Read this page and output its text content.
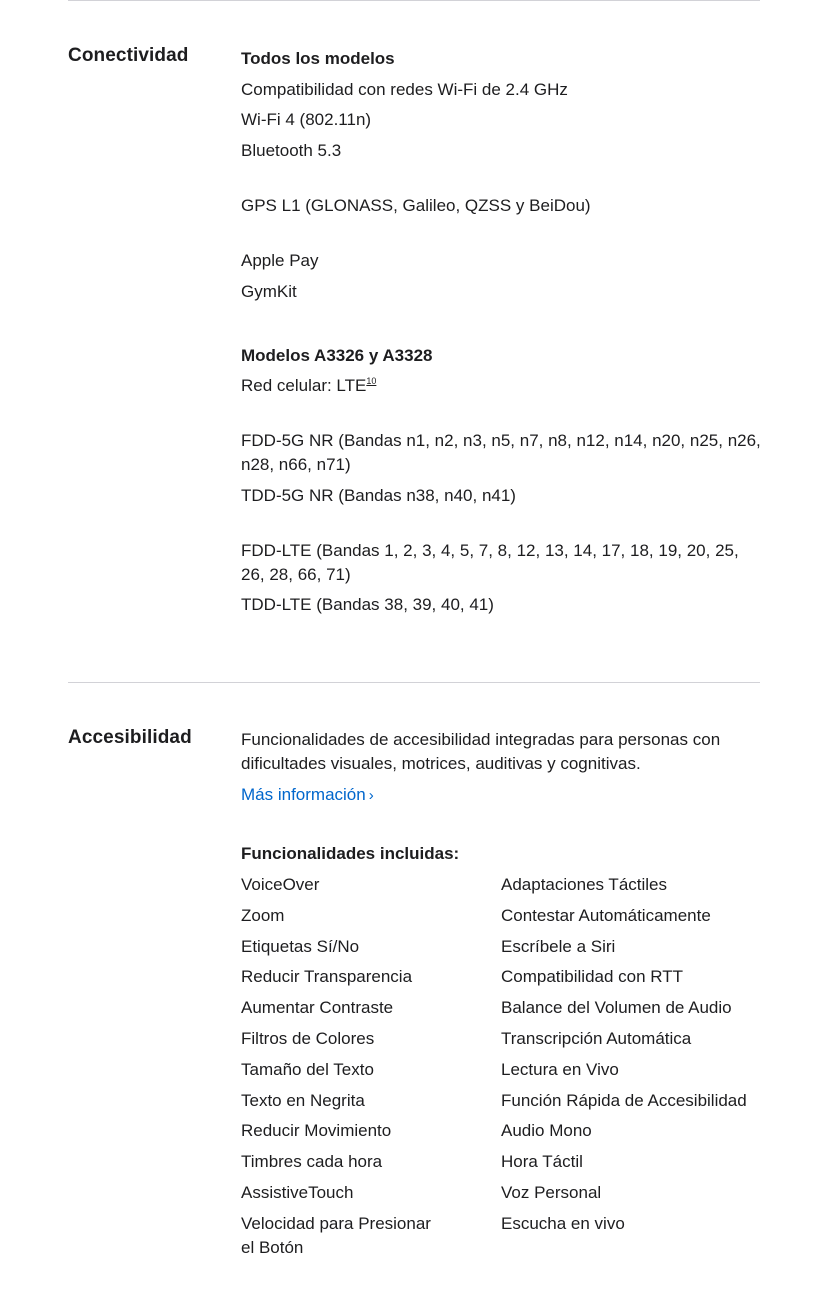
Conectividad	Todos los modelos

Compatibilidad con redes Wi-Fi de 2.4 GHz

Wi-Fi 4 (802.11n)

Bluetooth 5.3

GPS L1 (GLONASS, Galileo, QZSS y BeiDou)

Apple Pay

GymKit

Modelos A3326 y A3328

Red celular: LTE$^{10}$

FDD-5G NR (Bandas n1, n2, n3, n5, n7, n8, n12, n14, n20, n25, n26, n28, n66, n71)

TDD-5G NR (Bandas n38, n40, n41)

FDD-LTE (Bandas 1, 2, 3, 4, 5, 7, 8, 12, 13, 14, 17, 18, 19, 20, 25, 26, 28, 66, 71)

TDD-LTE (Bandas 38, 39, 40, 41)

Accesibilidad	Funcionalidades de accesibilidad integradas para personas con dificultades visuales, motrices, auditivas y cognitivas.

Más información ›

Funcionalidades incluidas:

VoiceOver

Zoom

Etiquetas Sí/No

Reducir Transparencia

Aumentar Contraste

Filtros de Colores

Tamaño del Texto

Texto en Negrita

Reducir Movimiento

Timbres cada hora

AssistiveTouch

Velocidad para Presionar el Botón

Adaptaciones Táctiles

Contestar Automáticamente

Escríbele a Siri

Compatibilidad con RTT

Balance del Volumen de Audio

Transcripción Automática

Lectura en Vivo

Función Rápida de Accesibilidad

Audio Mono

Hora Táctil

Voz Personal

Escucha en vivo
